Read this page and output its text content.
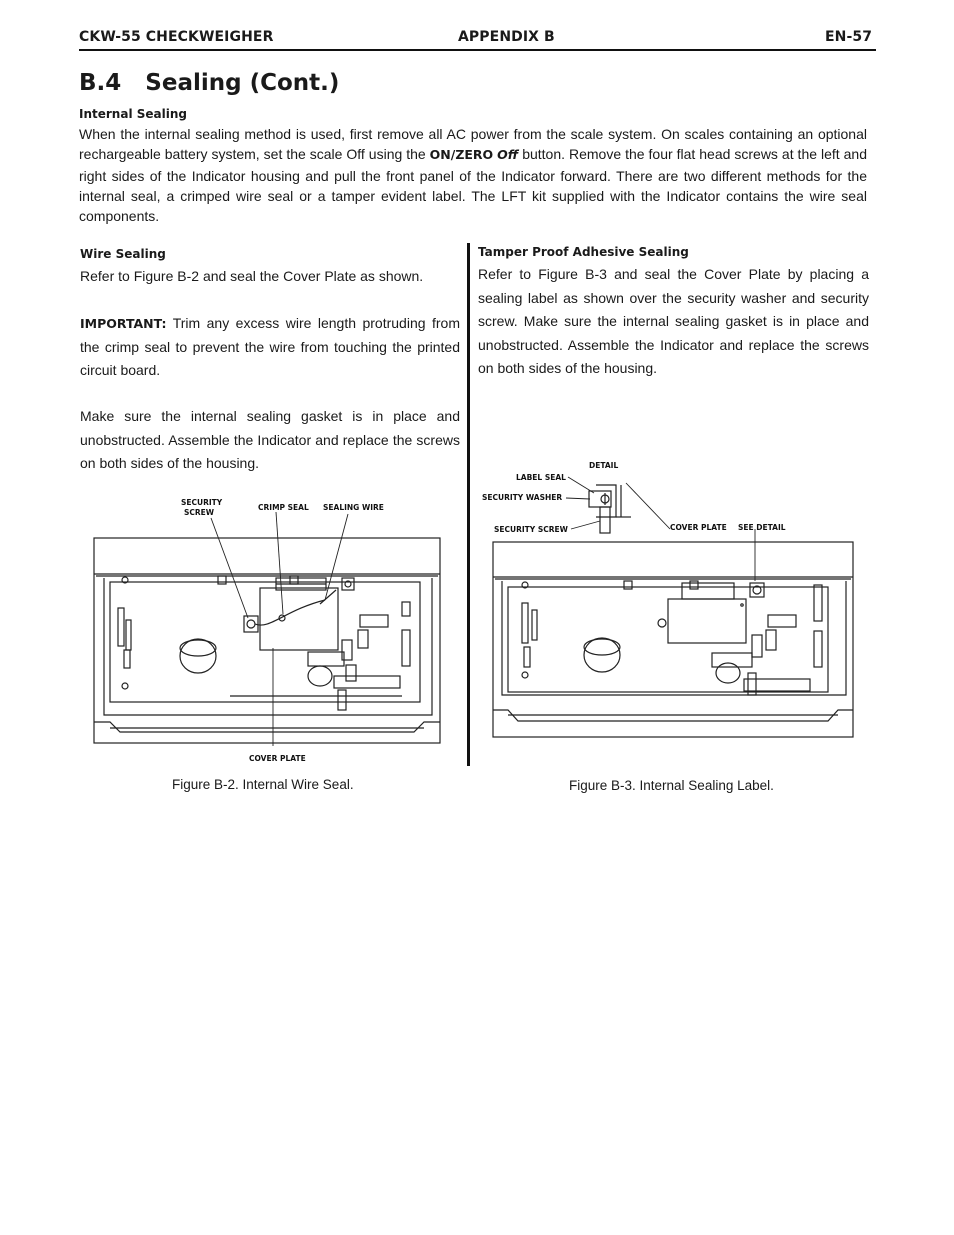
CKW-55 CHECKWEIGHER	APPENDIX B	EN-57
B.4   Sealing (Cont.)
Internal Sealing

When the internal sealing method is used, first remove all AC power from the scale system. On scales containing an optional rechargeable battery system, set the scale Off using the ON/ZERO Off button. Remove the four flat head screws at the left and right sides of the Indicator housing and pull the front panel of the Indicator forward. There are two different methods for the internal seal, a crimped wire seal or a tamper evident label. The LFT kit supplied with the Indicator contains the wire seal components.

Wire Sealing

Refer to Figure B-2 and seal the Cover Plate as shown.

IMPORTANT: Trim any excess wire length protruding from the crimp seal to prevent the wire from touching the printed circuit board.

Make sure the internal sealing gasket is in place and unobstructed. Assemble the Indicator and replace the screws on both sides of the housing.

Tamper Proof Adhesive Sealing

Refer to Figure B-3 and seal the Cover Plate by placing a sealing label as shown over the security washer and security screw. Make sure the internal sealing gasket is in place and unobstructed. Assemble the Indicator and replace the screws on both sides of the housing.

SECURITY
SCREW
CRIMP SEAL SEALING WIRE
COVER PLATE

Figure B-2. Internal Wire Seal.

DETAIL
LABEL SEAL
SECURITY WASHER
SECURITY SCREW	COVER PLATE SEE DETAIL

Figure B-3. Internal Sealing Label.
